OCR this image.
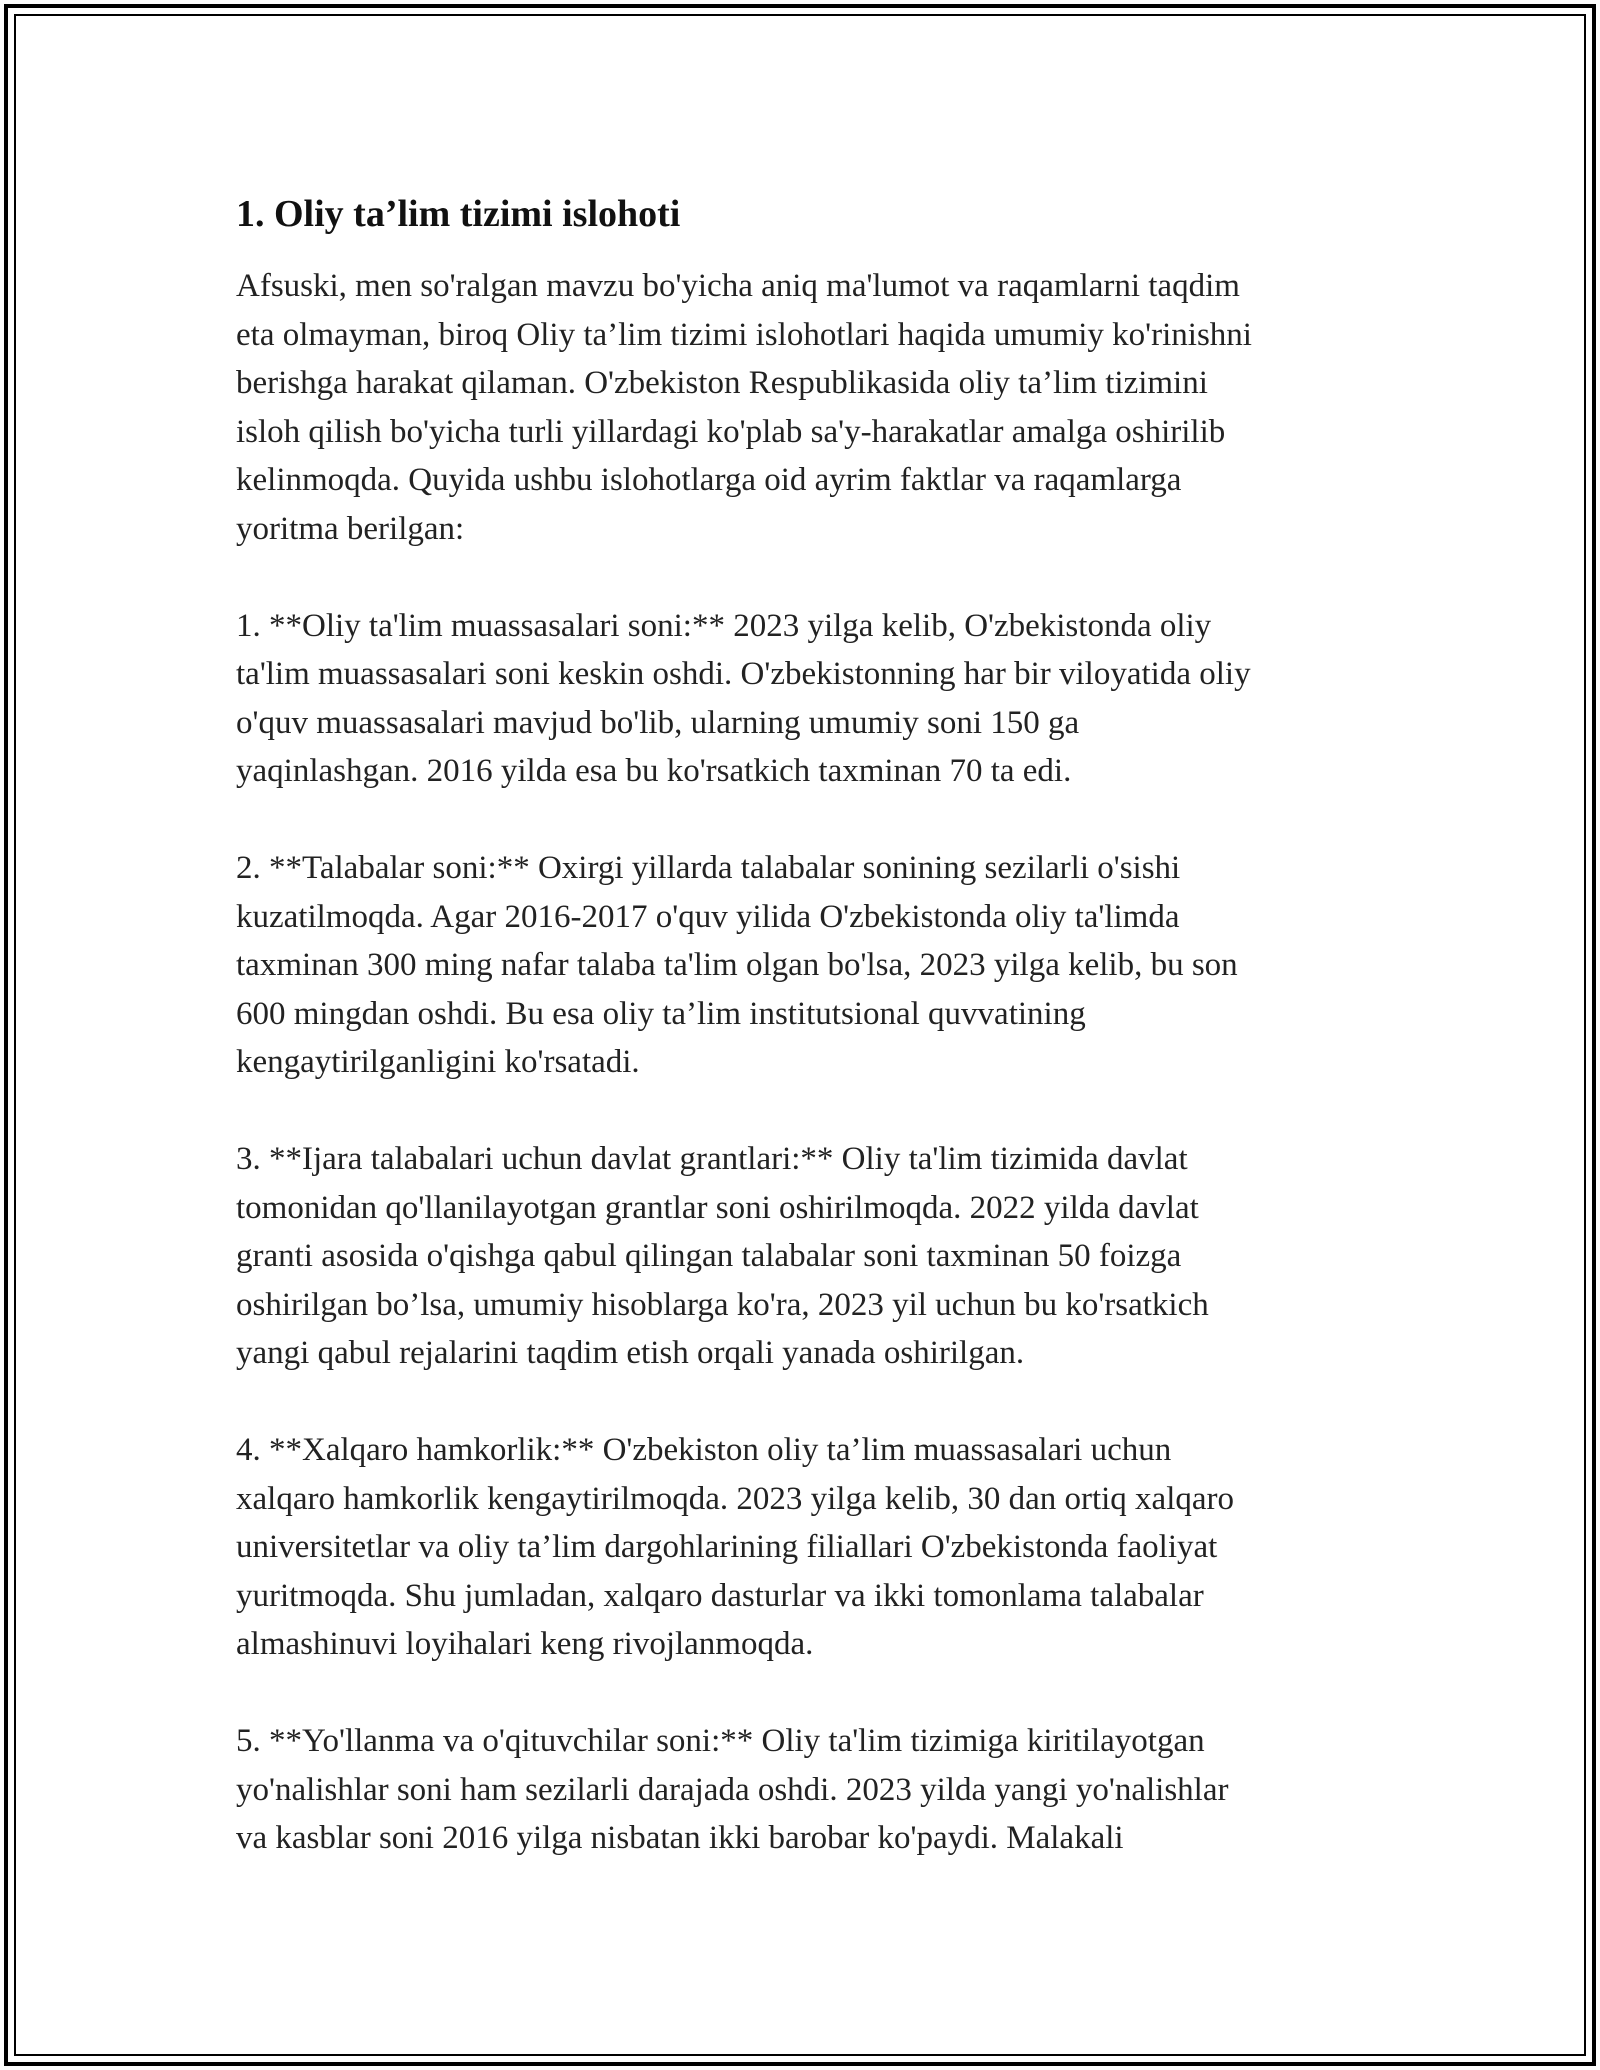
1. Oliy ta’lim tizimi islohoti

Afsuski, men so'ralgan mavzu bo'yicha aniq ma'lumot va raqamlarni taqdim
eta olmayman, biroq Oliy ta’lim tizimi islohotlari haqida umumiy ko'rinishni
berishga harakat qilaman. O'zbekiston Respublikasida oliy ta’lim tizimini
isloh qilish bo'yicha turli yillardagi ko'plab sa'y-harakatlar amalga oshirilib
kelinmoqda. Quyida ushbu islohotlarga oid ayrim faktlar va raqamlarga
yoritma berilgan:

1. **Oliy ta'lim muassasalari soni:** 2023 yilga kelib, O'zbekistonda oliy
ta'lim muassasalari soni keskin oshdi. O'zbekistonning har bir viloyatida oliy
o'quv muassasalari mavjud bo'lib, ularning umumiy soni 150 ga
yaqinlashgan. 2016 yilda esa bu ko'rsatkich taxminan 70 ta edi.

2. **Talabalar soni:** Oxirgi yillarda talabalar sonining sezilarli o'sishi
kuzatilmoqda. Agar 2016-2017 o'quv yilida O'zbekistonda oliy ta'limda
taxminan 300 ming nafar talaba ta'lim olgan bo'lsa, 2023 yilga kelib, bu son
600 mingdan oshdi. Bu esa oliy ta’lim institutsional quvvatining
kengaytirilganligini ko'rsatadi.

3. **Ijara talabalari uchun davlat grantlari:** Oliy ta'lim tizimida davlat
tomonidan qo'llanilayotgan grantlar soni oshirilmoqda. 2022 yilda davlat
granti asosida o'qishga qabul qilingan talabalar soni taxminan 50 foizga
oshirilgan bo’lsa, umumiy hisoblarga ko'ra, 2023 yil uchun bu ko'rsatkich
yangi qabul rejalarini taqdim etish orqali yanada oshirilgan.

4. **Xalqaro hamkorlik:** O'zbekiston oliy ta’lim muassasalari uchun
xalqaro hamkorlik kengaytirilmoqda. 2023 yilga kelib, 30 dan ortiq xalqaro
universitetlar va oliy ta’lim dargohlarining filiallari O'zbekistonda faoliyat
yuritmoqda. Shu jumladan, xalqaro dasturlar va ikki tomonlama talabalar
almashinuvi loyihalari keng rivojlanmoqda.

5. **Yo'llanma va o'qituvchilar soni:** Oliy ta'lim tizimiga kiritilayotgan
yo'nalishlar soni ham sezilarli darajada oshdi. 2023 yilda yangi yo'nalishlar
va kasblar soni 2016 yilga nisbatan ikki barobar ko'paydi. Malakali
